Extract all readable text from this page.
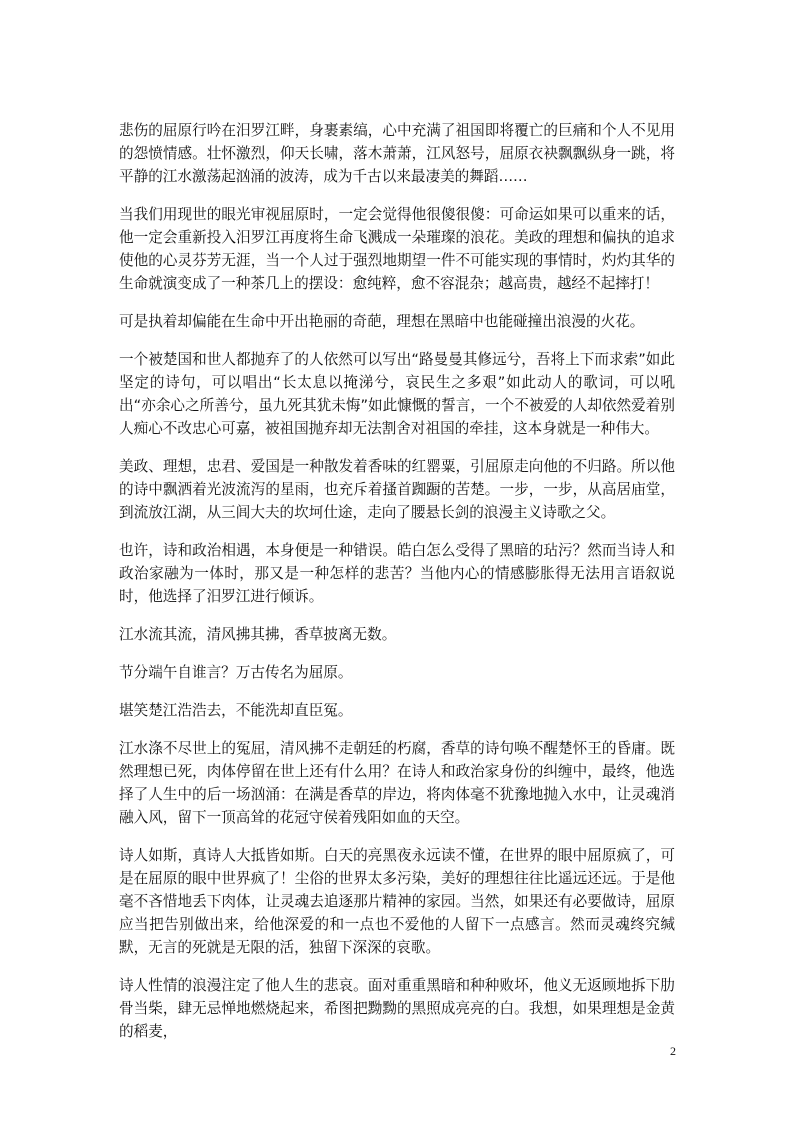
悲伤的屈原行吟在汨罗江畔，身裹素缟，心中充满了祖国即将覆亡的巨痛和个人不见用的怨愤情感。壮怀激烈，仰天长啸，落木萧萧，江风怒号，屈原衣袂飘飘纵身一跳，将平静的江水激荡起汹涌的波涛，成为千古以来最凄美的舞蹈……

当我们用现世的眼光审视屈原时，一定会觉得他很傻很傻：可命运如果可以重来的话，他一定会重新投入汨罗江再度将生命飞溅成一朵璀璨的浪花。美政的理想和偏执的追求使他的心灵芬芳无涯，当一个人过于强烈地期望一件不可能实现的事情时，灼灼其华的生命就演变成了一种茶几上的摆设：愈纯粹，愈不容混杂；越高贵，越经不起摔打！

可是执着却偏能在生命中开出艳丽的奇葩，理想在黑暗中也能碰撞出浪漫的火花。

一个被楚国和世人都抛弃了的人依然可以写出“路曼曼其修远兮，吾将上下而求索”如此坚定的诗句，可以唱出“长太息以掩涕兮，哀民生之多艰”如此动人的歌词，可以吼出“亦余心之所善兮，虽九死其犹未悔”如此慷慨的誓言，一个不被爱的人却依然爱着别人痴心不改忠心可嘉，被祖国抛弃却无法割舍对祖国的牵挂，这本身就是一种伟大。

美政、理想，忠君、爱国是一种散发着香味的红罂粟，引屈原走向他的不归路。所以他的诗中飘洒着光波流泻的星雨，也充斥着搔首踟蹰的苦楚。一步，一步，从高居庙堂，到流放江湖，从三闾大夫的坎坷仕途，走向了腰悬长剑的浪漫主义诗歌之父。

也许，诗和政治相遇，本身便是一种错误。皓白怎么受得了黑暗的玷污？然而当诗人和政治家融为一体时，那又是一种怎样的悲苦？当他内心的情感膨胀得无法用言语叙说时，他选择了汨罗江进行倾诉。

江水流其流，清风拂其拂，香草披离无数。

节分端午自谁言？万古传名为屈原。

堪笑楚江浩浩去，不能洗却直臣冤。

江水涤不尽世上的冤屈，清风拂不走朝廷的朽腐，香草的诗句唤不醒楚怀王的昏庸。既然理想已死，肉体停留在世上还有什么用？在诗人和政治家身份的纠缠中，最终，他选择了人生中的后一场汹涌：在满是香草的岸边，将肉体毫不犹豫地抛入水中，让灵魂消融入风，留下一顶高耸的花冠守侯着残阳如血的天空。

诗人如斯，真诗人大抵皆如斯。白天的亮黑夜永远读不懂，在世界的眼中屈原疯了，可是在屈原的眼中世界疯了！尘俗的世界太多污染，美好的理想往往比遥远还远。于是他毫不吝惜地丢下肉体，让灵魂去追逐那片精神的家园。当然，如果还有必要做诗，屈原应当把告别做出来，给他深爱的和一点也不爱他的人留下一点感言。然而灵魂终究缄默，无言的死就是无限的活，独留下深深的哀歌。

诗人性情的浪漫注定了他人生的悲哀。面对重重黑暗和种种败坏，他义无返顾地拆下肋骨当柴，肆无忌惮地燃烧起来，希图把黝黝的黑照成亮亮的白。我想，如果理想是金黄的稻麦，

2
